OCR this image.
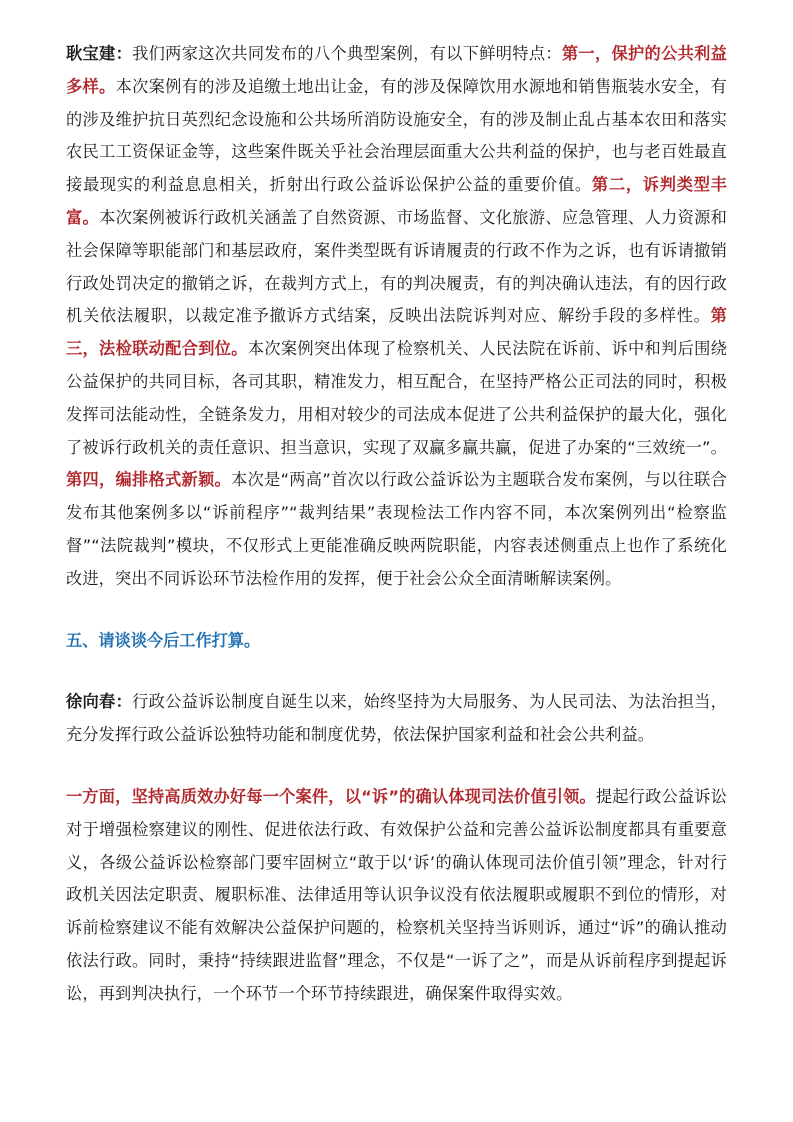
耿宝建：我们两家这次共同发布的八个典型案例，有以下鲜明特点：第一，保护的公共利益多样。本次案例有的涉及追缴土地出让金，有的涉及保障饮用水源地和销售瓶装水安全，有的涉及维护抗日英烈纪念设施和公共场所消防设施安全，有的涉及制止乱占基本农田和落实农民工工资保证金等，这些案件既关乎社会治理层面重大公共利益的保护，也与老百姓最直接最现实的利益息息相关，折射出行政公益诉讼保护公益的重要价值。第二，诉判类型丰富。本次案例被诉行政机关涵盖了自然资源、市场监督、文化旅游、应急管理、人力资源和社会保障等职能部门和基层政府，案件类型既有诉请履责的行政不作为之诉，也有诉请撤销行政处罚决定的撤销之诉，在裁判方式上，有的判决履责，有的判决确认违法，有的因行政机关依法履职，以裁定准予撤诉方式结案，反映出法院诉判对应、解纷手段的多样性。第三，法检联动配合到位。本次案例突出体现了检察机关、人民法院在诉前、诉中和判后围绕公益保护的共同目标，各司其职，精准发力，相互配合，在坚持严格公正司法的同时，积极发挥司法能动性，全链条发力，用相对较少的司法成本促进了公共利益保护的最大化，强化了被诉行政机关的责任意识、担当意识，实现了双赢多赢共赢，促进了办案的“三效统一”。第四，编排格式新颖。本次是“两高”首次以行政公益诉讼为主题联合发布案例，与以往联合发布其他案例多以“诉前程序”“裁判结果”表现检法工作内容不同，本次案例列出“检察监督”“法院裁判”模块，不仅形式上更能准确反映两院职能，内容表述侧重点上也作了系统化改进，突出不同诉讼环节法检作用的发挥，便于社会公众全面清晰解读案例。

五、请谈谈今后工作打算。

徐向春：行政公益诉讼制度自诞生以来，始终坚持为大局服务、为人民司法、为法治担当，充分发挥行政公益诉讼独特功能和制度优势，依法保护国家利益和社会公共利益。

一方面，坚持高质效办好每一个案件，以“诉”的确认体现司法价值引领。提起行政公益诉讼对于增强检察建议的刚性、促进依法行政、有效保护公益和完善公益诉讼制度都具有重要意义，各级公益诉讼检察部门要牢固树立“敢于以‘诉’的确认体现司法价值引领”理念，针对行政机关因法定职责、履职标准、法律适用等认识争议没有依法履职或履职不到位的情形，对诉前检察建议不能有效解决公益保护问题的，检察机关坚持当诉则诉，通过“诉”的确认推动依法行政。同时，秉持“持续跟进监督”理念，不仅是“一诉了之”，而是从诉前程序到提起诉讼，再到判决执行，一个环节一个环节持续跟进，确保案件取得实效。
